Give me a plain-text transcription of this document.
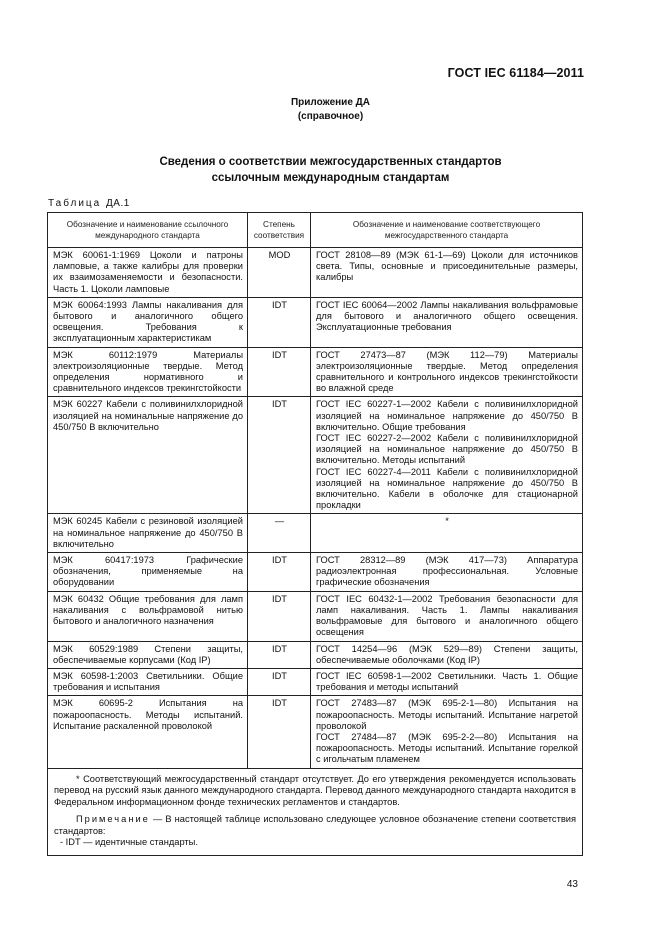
ГОСТ IEC 61184—2011
Приложение ДА
(справочное)
Сведения о соответствии межгосударственных стандартов
ссылочным международным стандартам
Таблица ДА.1
Обозначение и наименование ссылочного международного стандарта	Степень соответствия	Обозначение и наименование соответствующего межгосударственного стандарта
МЭК 60061-1:1969 Цоколи и патроны ламповые, а также калибры для проверки их взаимозаменяемости и безопасности. Часть 1. Цоколи ламповые	MOD	ГОСТ 28108—89 (МЭК 61-1—69) Цоколи для источников света. Типы, основные и присоединительные размеры, калибры

МЭК 60064:1993 Лампы накаливания для бытового и аналогичного общего освещения. Требования к эксплуатационным характеристикам	IDT	ГОСТ IEC 60064—2002 Лампы накаливания вольфрамовые для бытового и аналогичного общего освещения. Эксплуатационные требования

МЭК 60112:1979 Материалы электроизоляционные твердые. Метод определения нормативного и сравнительного индексов трекингстойкости	IDT	ГОСТ 27473—87 (МЭК 112—79) Материалы электроизоляционные твердые. Метод определения сравнительного и контрольного индексов трекингстойкости во влажной среде

МЭК 60227 Кабели с поливинилхлоридной изоляцией на номинальные напряжение до 450/750 В включительно	IDT	ГОСТ IEC 60227-1—2002 Кабели с поливинилхлоридной изоляцией на номинальное напряжение до 450/750 В включительно. Общие требования
ГОСТ IEC 60227-2—2002 Кабели с поливинилхлоридной изоляцией на номинальное напряжение до 450/750 В включительно. Методы испытаний
ГОСТ IEC 60227-4—2011 Кабели с поливинилхлоридной изоляцией на номинальное напряжение до 450/750 В включительно. Кабели в оболочке для стационарной прокладки

МЭК 60245 Кабели с резиновой изоляцией на номинальное напряжение до 450/750 В включительно	—	*

МЭК 60417:1973 Графические обозначения, применяемые на оборудовании	IDT	ГОСТ 28312—89 (МЭК 417—73) Аппаратура радиоэлектронная профессиональная. Условные графические обозначения

МЭК 60432 Общие требования для ламп накаливания с вольфрамовой нитью бытового и аналогичного назначения	IDT	ГОСТ IEC 60432-1—2002 Требования безопасности для ламп накаливания. Часть 1. Лампы накаливания вольфрамовые для бытового и аналогичного общего освещения

МЭК 60529:1989 Степени защиты, обеспечиваемые корпусами (Код IP)	IDT	ГОСТ 14254—96 (МЭК 529—89) Степени защиты, обеспечиваемые оболочками (Код IP)

МЭК 60598-1:2003 Светильники. Общие требования и испытания	IDT	ГОСТ IEC 60598-1—2002 Светильники. Часть 1. Общие требования и методы испытаний

МЭК 60695-2 Испытания на пожароопасность. Методы испытаний. Испытание раскаленной проволокой	IDT	ГОСТ 27483—87 (МЭК 695-2-1—80) Испытания на пожароопасность. Методы испытаний. Испытание нагретой проволокой
ГОСТ 27484—87 (МЭК 695-2-2—80) Испытания на пожароопасность. Методы испытаний. Испытание горелкой с игольчатым пламенем

* Соответствующий межгосударственный стандарт отсутствует. До его утверждения рекомендуется использовать перевод на русский язык данного международного стандарта. Перевод данного международного стандарта находится в Федеральном информационном фонде технических регламентов и стандартов.

Примечание — В настоящей таблице использовано следующее условное обозначение степени соответствия стандартов:

- IDT — идентичные стандарты.		

43
